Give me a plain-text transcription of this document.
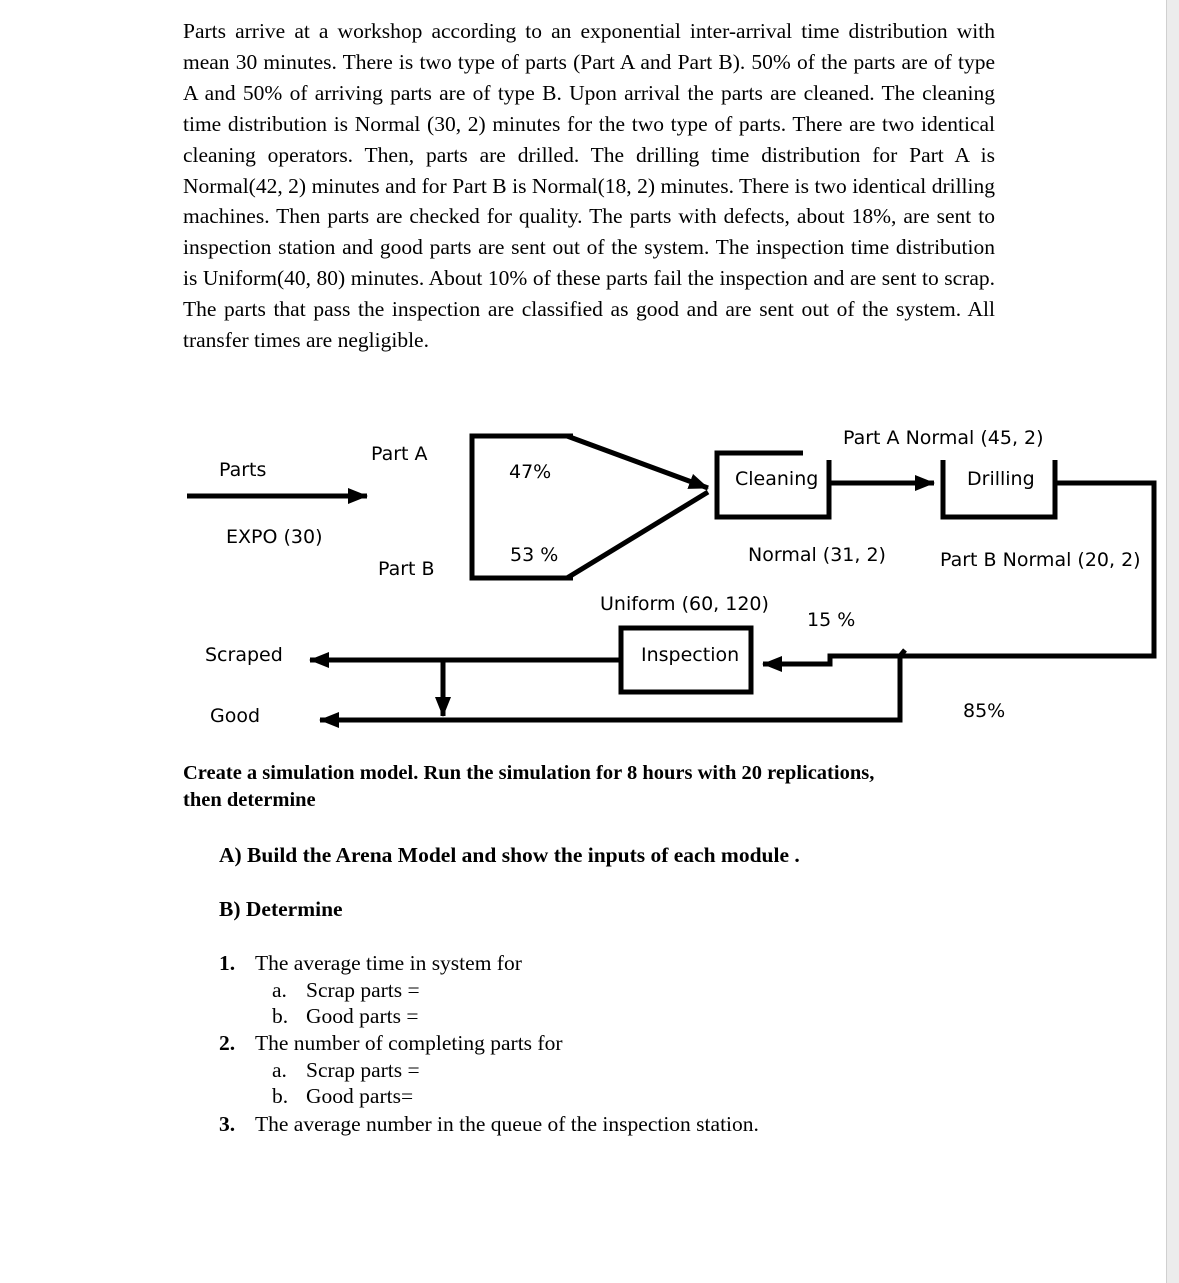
Parts arrive at a workshop according to an exponential inter-arrival time distribution with mean 30 minutes. There is two type of parts (Part A and Part B). 50% of the parts are of type A and 50% of arriving parts are of type B. Upon arrival the parts are cleaned. The cleaning time distribution is Normal (30, 2) minutes for the two type of parts. There are two identical cleaning operators. Then, parts are drilled. The drilling time distribution for Part A is Normal(42, 2) minutes and for Part B is Normal(18, 2) minutes. There is two identical drilling machines. Then parts are checked for quality. The parts with defects, about 18%, are sent to inspection station and good parts are sent out of the system. The inspection time distribution is Uniform(40, 80) minutes. About 10% of these parts fail the inspection and are sent to scrap. The parts that pass the inspection are classified as good and are sent out of the system. All transfer times are negligible.

Parts
EXPO (30)
Part A
Part B
47%
53 %
Cleaning	Drilling
Part A Normal (45, 2)
Normal (31, 2)	Part B Normal (20, 2)
Uniform (60, 120)
15 %
Inspection
Scraped
Good	85%
Create a simulation model. Run the simulation for 8 hours with 20 replications,
then determine

A) Build the Arena Model and show the inputs of each module .

B) Determine

1. The average time in system for

a. Scrap parts =

b. Good parts =

2. The number of completing parts for

a. Scrap parts =

b. Good parts=

3. The average number in the queue of the inspection station.
